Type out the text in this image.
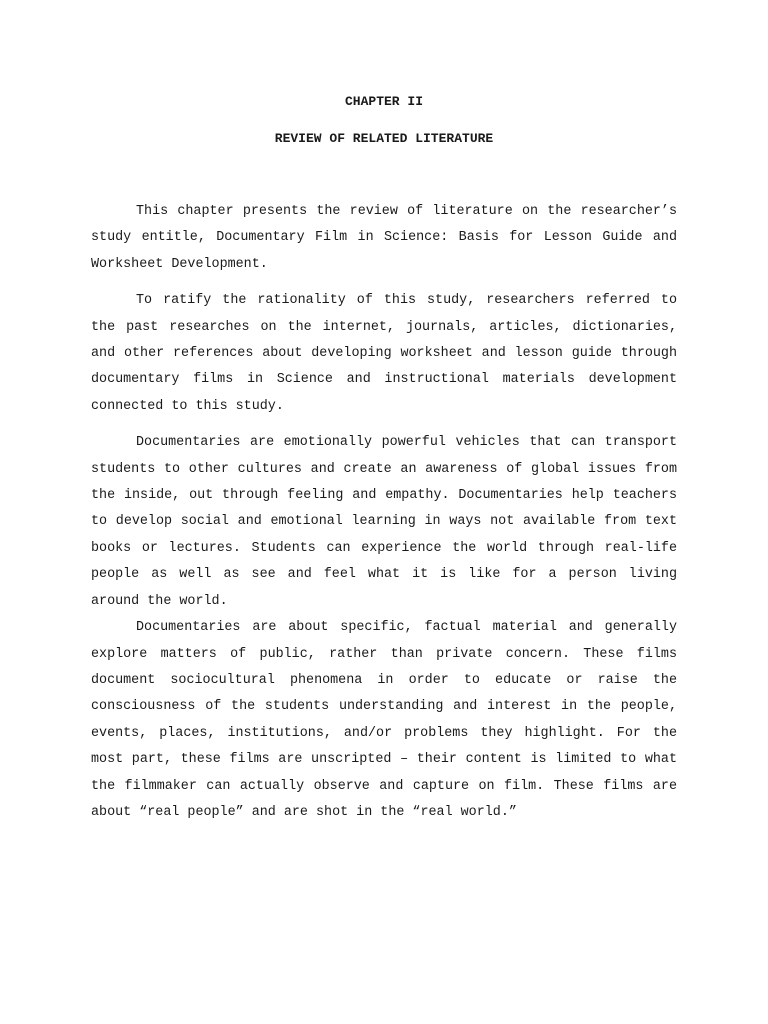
CHAPTER II
REVIEW OF RELATED LITERATURE

This chapter presents the review of literature on the researcher’s study entitle, Documentary Film in Science: Basis for Lesson Guide and Worksheet Development.

To ratify the rationality of this study, researchers referred to the past researches on the internet, journals, articles, dictionaries, and other references about developing worksheet and lesson guide through documentary films in Science and instructional materials development connected to this study.

Documentaries are emotionally powerful vehicles that can transport students to other cultures and create an awareness of global issues from the inside, out through feeling and empathy. Documentaries help teachers to develop social and emotional learning in ways not available from text books or lectures. Students can experience the world through real-life people as well as see and feel what it is like for a person living around the world.

Documentaries are about specific, factual material and generally explore matters of public, rather than private concern. These films document sociocultural phenomena in order to educate or raise the consciousness of the students understanding and interest in the people, events, places, institutions, and/or problems they highlight. For the most part, these films are unscripted – their content is limited to what the filmmaker can actually observe and capture on film. These films are about “real people” and are shot in the “real world.”
